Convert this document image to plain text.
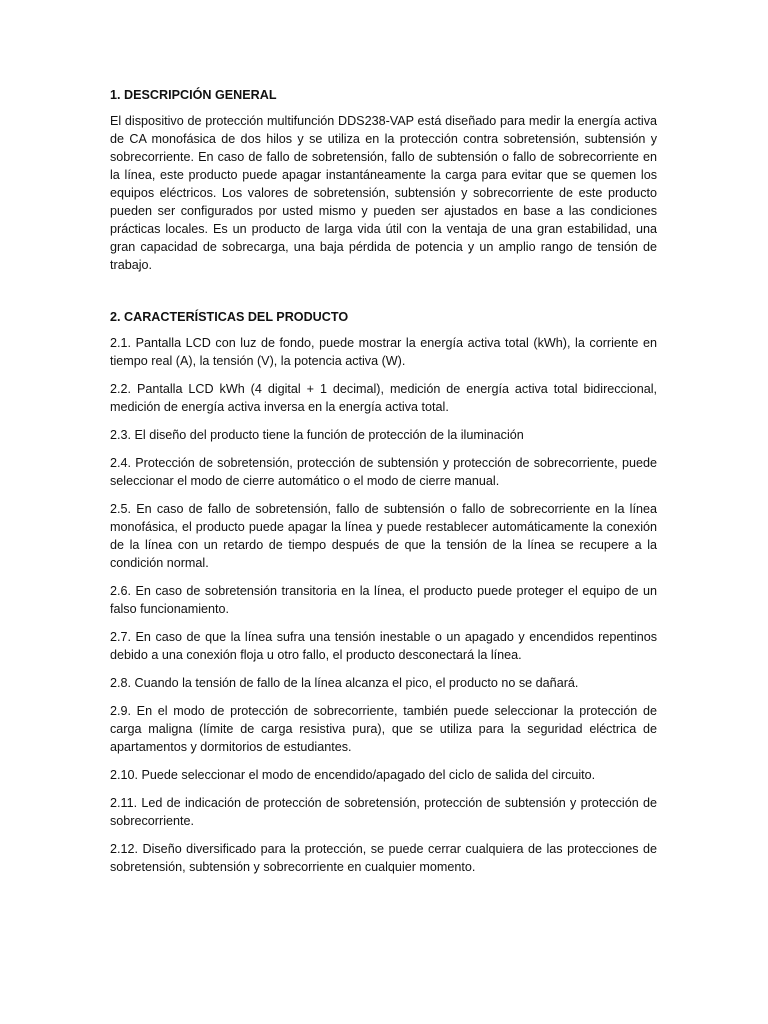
1. DESCRIPCIÓN GENERAL

El dispositivo de protección multifunción DDS238-VAP está diseñado para medir la energía activa de CA monofásica de dos hilos y se utiliza en la protección contra sobretensión, subtensión y sobrecorriente. En caso de fallo de sobretensión, fallo de subtensión o fallo de sobrecorriente en la línea, este producto puede apagar instantáneamente la carga para evitar que se quemen los equipos eléctricos. Los valores de sobretensión, subtensión y sobrecorriente de este producto pueden ser configurados por usted mismo y pueden ser ajustados en base a las condiciones prácticas locales. Es un producto de larga vida útil con la ventaja de una gran estabilidad, una gran capacidad de sobrecarga, una baja pérdida de potencia y un amplio rango de tensión de trabajo.

2. CARACTERÍSTICAS DEL PRODUCTO

2.1. Pantalla LCD con luz de fondo, puede mostrar la energía activa total (kWh), la corriente en tiempo real (A), la tensión (V), la potencia activa (W).

2.2. Pantalla LCD kWh (4 digital + 1 decimal), medición de energía activa total bidireccional, medición de energía activa inversa en la energía activa total.

2.3. El diseño del producto tiene la función de protección de la iluminación

2.4. Protección de sobretensión, protección de subtensión y protección de sobrecorriente, puede seleccionar el modo de cierre automático o el modo de cierre manual.

2.5. En caso de fallo de sobretensión, fallo de subtensión o fallo de sobrecorriente en la línea monofásica, el producto puede apagar la línea y puede restablecer automáticamente la conexión de la línea con un retardo de tiempo después de que la tensión de la línea se recupere a la condición normal.

2.6. En caso de sobretensión transitoria en la línea, el producto puede proteger el equipo de un falso funcionamiento.

2.7. En caso de que la línea sufra una tensión inestable o un apagado y encendidos repentinos debido a una conexión floja u otro fallo, el producto desconectará la línea.

2.8. Cuando la tensión de fallo de la línea alcanza el pico, el producto no se dañará.

2.9. En el modo de protección de sobrecorriente, también puede seleccionar la protección de carga maligna (límite de carga resistiva pura), que se utiliza para la seguridad eléctrica de apartamentos y dormitorios de estudiantes.

2.10. Puede seleccionar el modo de encendido/apagado del ciclo de salida del circuito.

2.11. Led de indicación de protección de sobretensión, protección de subtensión y protección de sobrecorriente.

2.12. Diseño diversificado para la protección, se puede cerrar cualquiera de las protecciones de sobretensión, subtensión y sobrecorriente en cualquier momento.
